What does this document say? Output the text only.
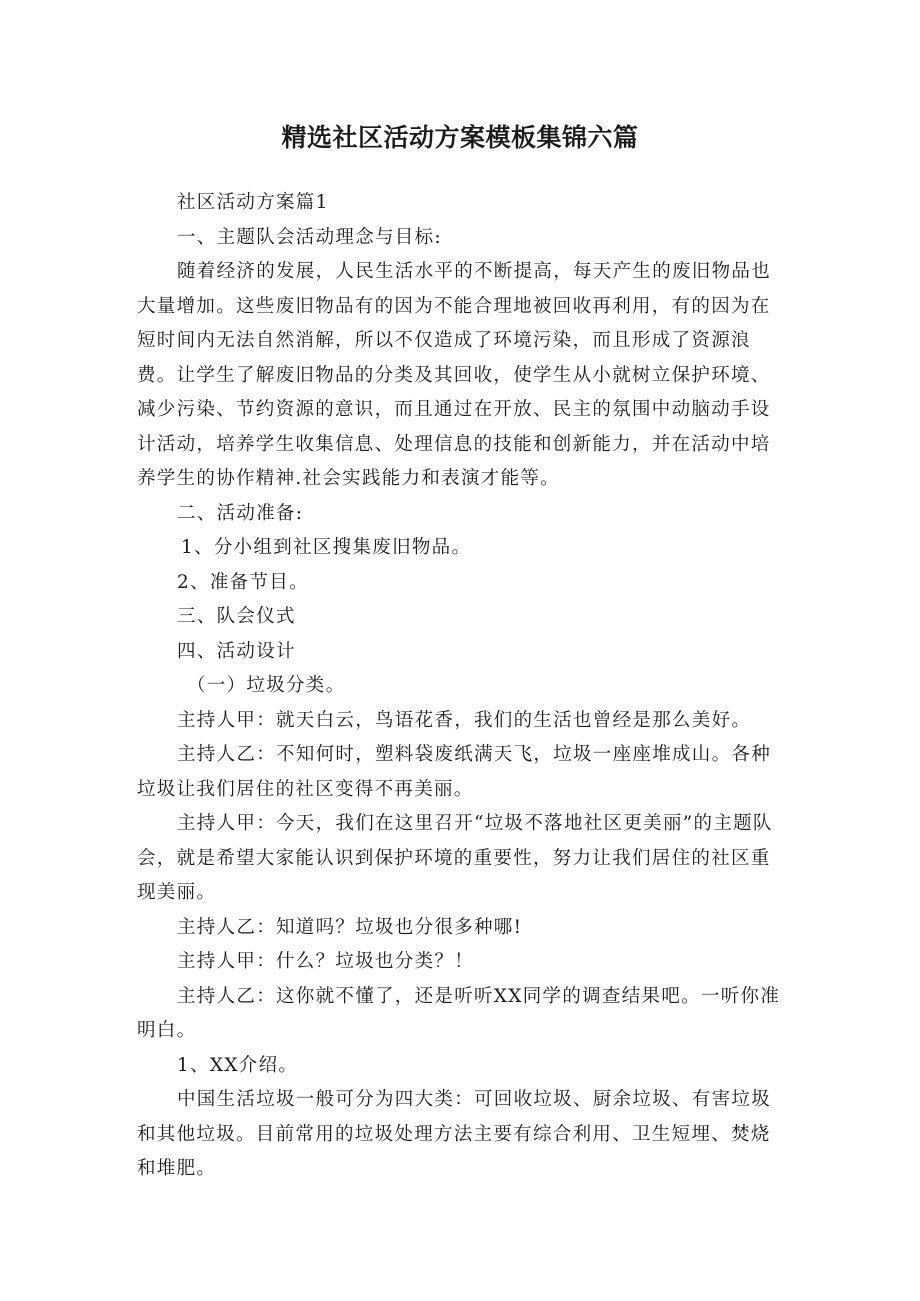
精选社区活动方案模板集锦六篇

社区活动方案篇1

一、主题队会活动理念与目标:

随着经济的发展，人民生活水平的不断提高，每天产生的废旧物品也大量增加。这些废旧物品有的因为不能合理地被回收再利用，有的因为在短时间内无法自然消解，所以不仅造成了环境污染，而且形成了资源浪费。让学生了解废旧物品的分类及其回收，使学生从小就树立保护环境、减少污染、节约资源的意识，而且通过在开放、民主的氛围中动脑动手设计活动，培养学生收集信息、处理信息的技能和创新能力，并在活动中培养学生的协作精神.社会实践能力和表演才能等。

二、活动准备:

1、分小组到社区搜集废旧物品。

2、准备节目。

三、队会仪式

四、活动设计

（一）垃圾分类。

主持人甲：就天白云，鸟语花香，我们的生活也曾经是那么美好。

主持人乙：不知何时，塑料袋废纸满天飞，垃圾一座座堆成山。各种垃圾让我们居住的社区变得不再美丽。

主持人甲：今天，我们在这里召开“垃圾不落地社区更美丽”的主题队会，就是希望大家能认识到保护环境的重要性，努力让我们居住的社区重现美丽。

主持人乙：知道吗？垃圾也分很多种哪!

主持人甲：什么？垃圾也分类？！

主持人乙：这你就不懂了，还是听听XX同学的调查结果吧。一听你准明白。

1、XX介绍。

中国生活垃圾一般可分为四大类：可回收垃圾、厨余垃圾、有害垃圾和其他垃圾。目前常用的垃圾处理方法主要有综合利用、卫生短埋、焚烧和堆肥。
